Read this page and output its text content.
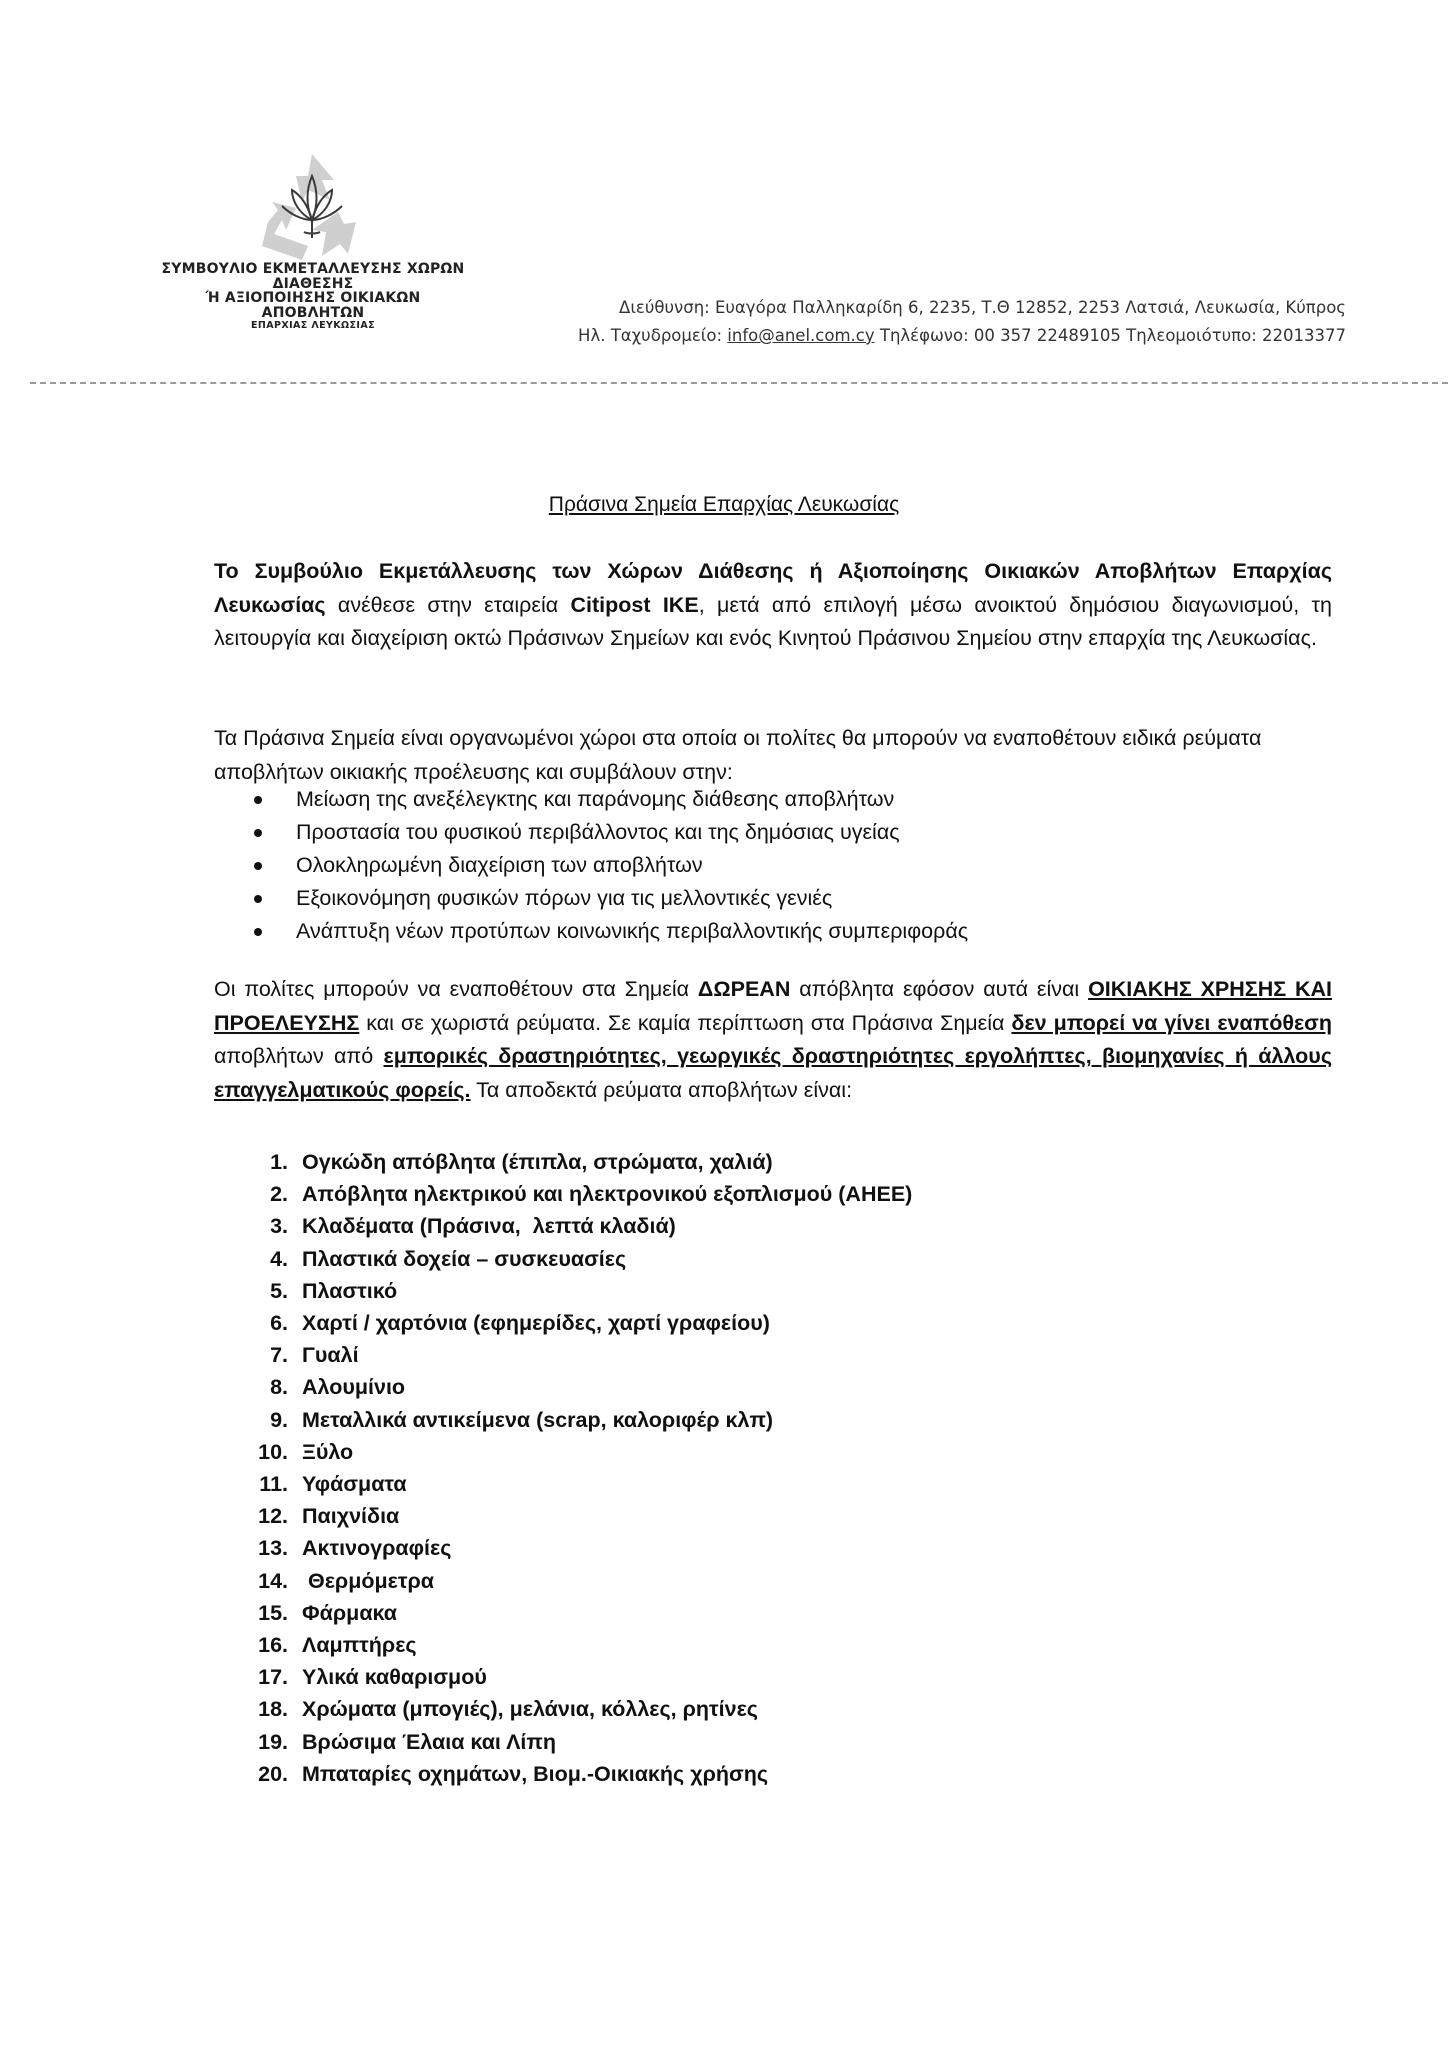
ΣΥΜΒΟΥΛΙΟ ΕΚΜΕΤΑΛΛΕΥΣΗΣ ΧΩΡΩΝ ΔΙΑΘΕΣΗΣ
Ή ΑΞΙΟΠΟΙΗΣΗΣ ΟΙΚΙΑΚΩΝ ΑΠΟΒΛΗΤΩΝ
ΕΠΑΡΧΙΑΣ ΛΕΥΚΩΣΙΑΣ
Διεύθυνση: Ευαγόρα Παλληκαρίδη 6, 2235, Τ.Θ 12852, 2253 Λατσιά, Λευκωσία, Κύπρος
Ηλ. Ταχυδρομείο: info@anel.com.cy Τηλέφωνο: 00 357 22489105 Τηλεομοιότυπο: 22013377
Πράσινα Σημεία Επαρχίας Λευκωσίας

Το Συμβούλιο Εκμετάλλευσης των Χώρων Διάθεσης ή Αξιοποίησης Οικιακών Αποβλήτων Επαρχίας Λευκωσίας ανέθεσε στην εταιρεία Citipost IKE, μετά από επιλογή μέσω ανοικτού δημόσιου διαγωνισμού, τη λειτουργία και διαχείριση οκτώ Πράσινων Σημείων και ενός Κινητού Πράσινου Σημείου στην επαρχία της Λευκωσίας.

Τα Πράσινα Σημεία είναι οργανωμένοι χώροι στα οποία οι πολίτες θα μπορούν να εναποθέτουν ειδικά ρεύματα αποβλήτων οικιακής προέλευσης και συμβάλουν στην:

Μείωση της ανεξέλεγκτης και παράνομης διάθεσης αποβλήτων
Προστασία του φυσικού περιβάλλοντος και της δημόσιας υγείας
Ολοκληρωμένη διαχείριση των αποβλήτων
Εξοικονόμηση φυσικών πόρων για τις μελλοντικές γενιές
Ανάπτυξη νέων προτύπων κοινωνικής περιβαλλοντικής συμπεριφοράς

Οι πολίτες μπορούν να εναποθέτουν στα Σημεία ΔΩΡΕΑΝ απόβλητα εφόσον αυτά είναι ΟΙΚΙΑΚΗΣ ΧΡΗΣΗΣ ΚΑΙ ΠΡΟΕΛΕΥΣΗΣ και σε χωριστά ρεύματα. Σε καμία περίπτωση στα Πράσινα Σημεία δεν μπορεί να γίνει εναπόθεση αποβλήτων από εμπορικές δραστηριότητες, γεωργικές δραστηριότητες εργολήπτες, βιομηχανίες ή άλλους επαγγελματικούς φορείς. Τα αποδεκτά ρεύματα αποβλήτων είναι:

1. Ογκώδη απόβλητα (έπιπλα, στρώματα, χαλιά)
2. Απόβλητα ηλεκτρικού και ηλεκτρονικού εξοπλισμού (ΑΗΕΕ)
3. Κλαδέματα (Πράσινα,  λεπτά κλαδιά)
4. Πλαστικά δοχεία – συσκευασίες
5. Πλαστικό
6. Χαρτί / χαρτόνια (εφημερίδες, χαρτί γραφείου)
7. Γυαλί
8. Αλουμίνιο
9. Μεταλλικά αντικείμενα (scrap, καλοριφέρ κλπ)
10. Ξύλο
11. Υφάσματα
12. Παιχνίδια
13. Ακτινογραφίες
14. Θερμόμετρα
15. Φάρμακα
16. Λαμπτήρες
17. Υλικά καθαρισμού
18. Χρώματα (μπογιές), μελάνια, κόλλες, ρητίνες
19. Βρώσιμα Έλαια και Λίπη
20. Μπαταρίες οχημάτων, Βιομ.-Οικιακής χρήσης
